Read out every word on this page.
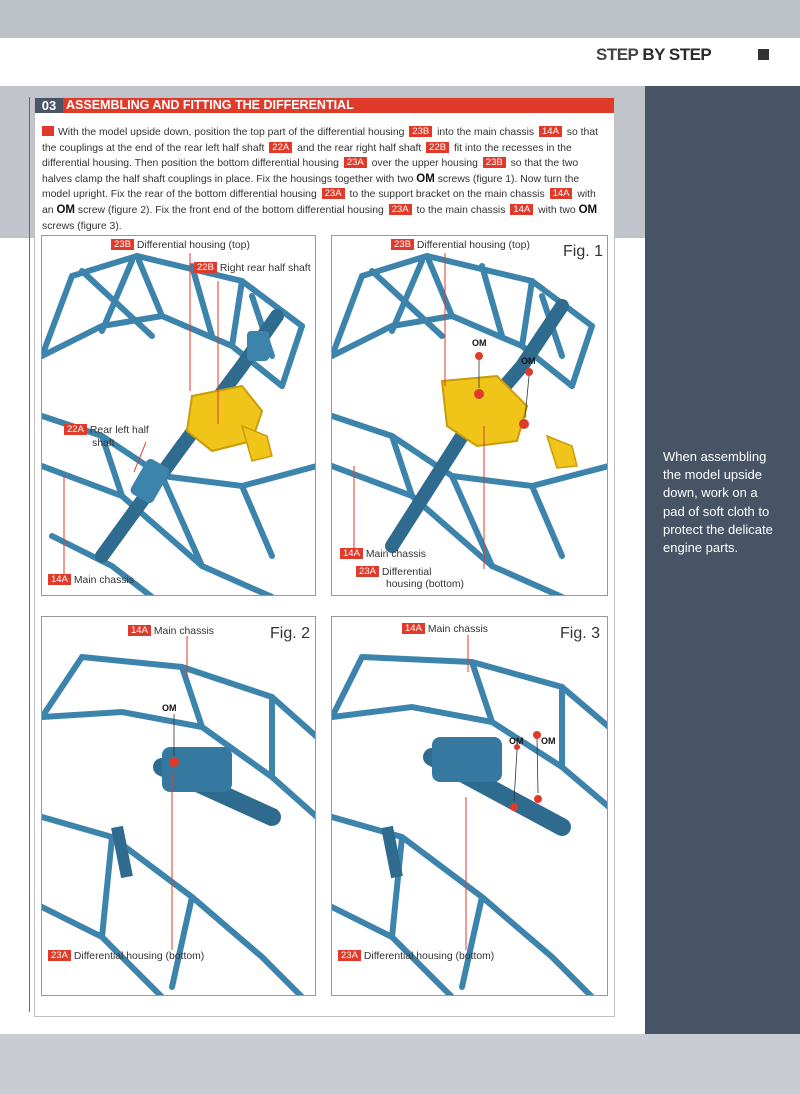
STEP BY STEP
03 ASSEMBLING AND FITTING THE DIFFERENTIAL
With the model upside down, position the top part of the differential housing 23B into the main chassis 14A so that the couplings at the end of the rear left half shaft 22A and the rear right half shaft 22B fit into the recesses in the differential housing. Then position the bottom differential housing 23A over the upper housing 23B so that the two halves clamp the half shaft couplings in place. Fix the housings together with two OM screws (figure 1). Now turn the model upright. Fix the rear of the bottom differential housing 23A to the support bracket on the main chassis 14A with an OM screw (figure 2). Fix the front end of the bottom differential housing 23A to the main chassis 14A with two OM screws (figure 3).
23B Differential housing (top)
22B Right rear half shaft
22A Rear left half
shaft
14A Main chassis
23B Differential housing (top) Fig. 1
OM
OM
14A Main chassis
23A Differential
housing (bottom)
14A Main chassis	Fig. 2
OM
23A Differential housing (bottom)
14A Main chassis	Fig. 3
OM OM
23A Differential housing (bottom)
When assembling the model upside down, work on a pad of soft cloth to protect the delicate engine parts.
